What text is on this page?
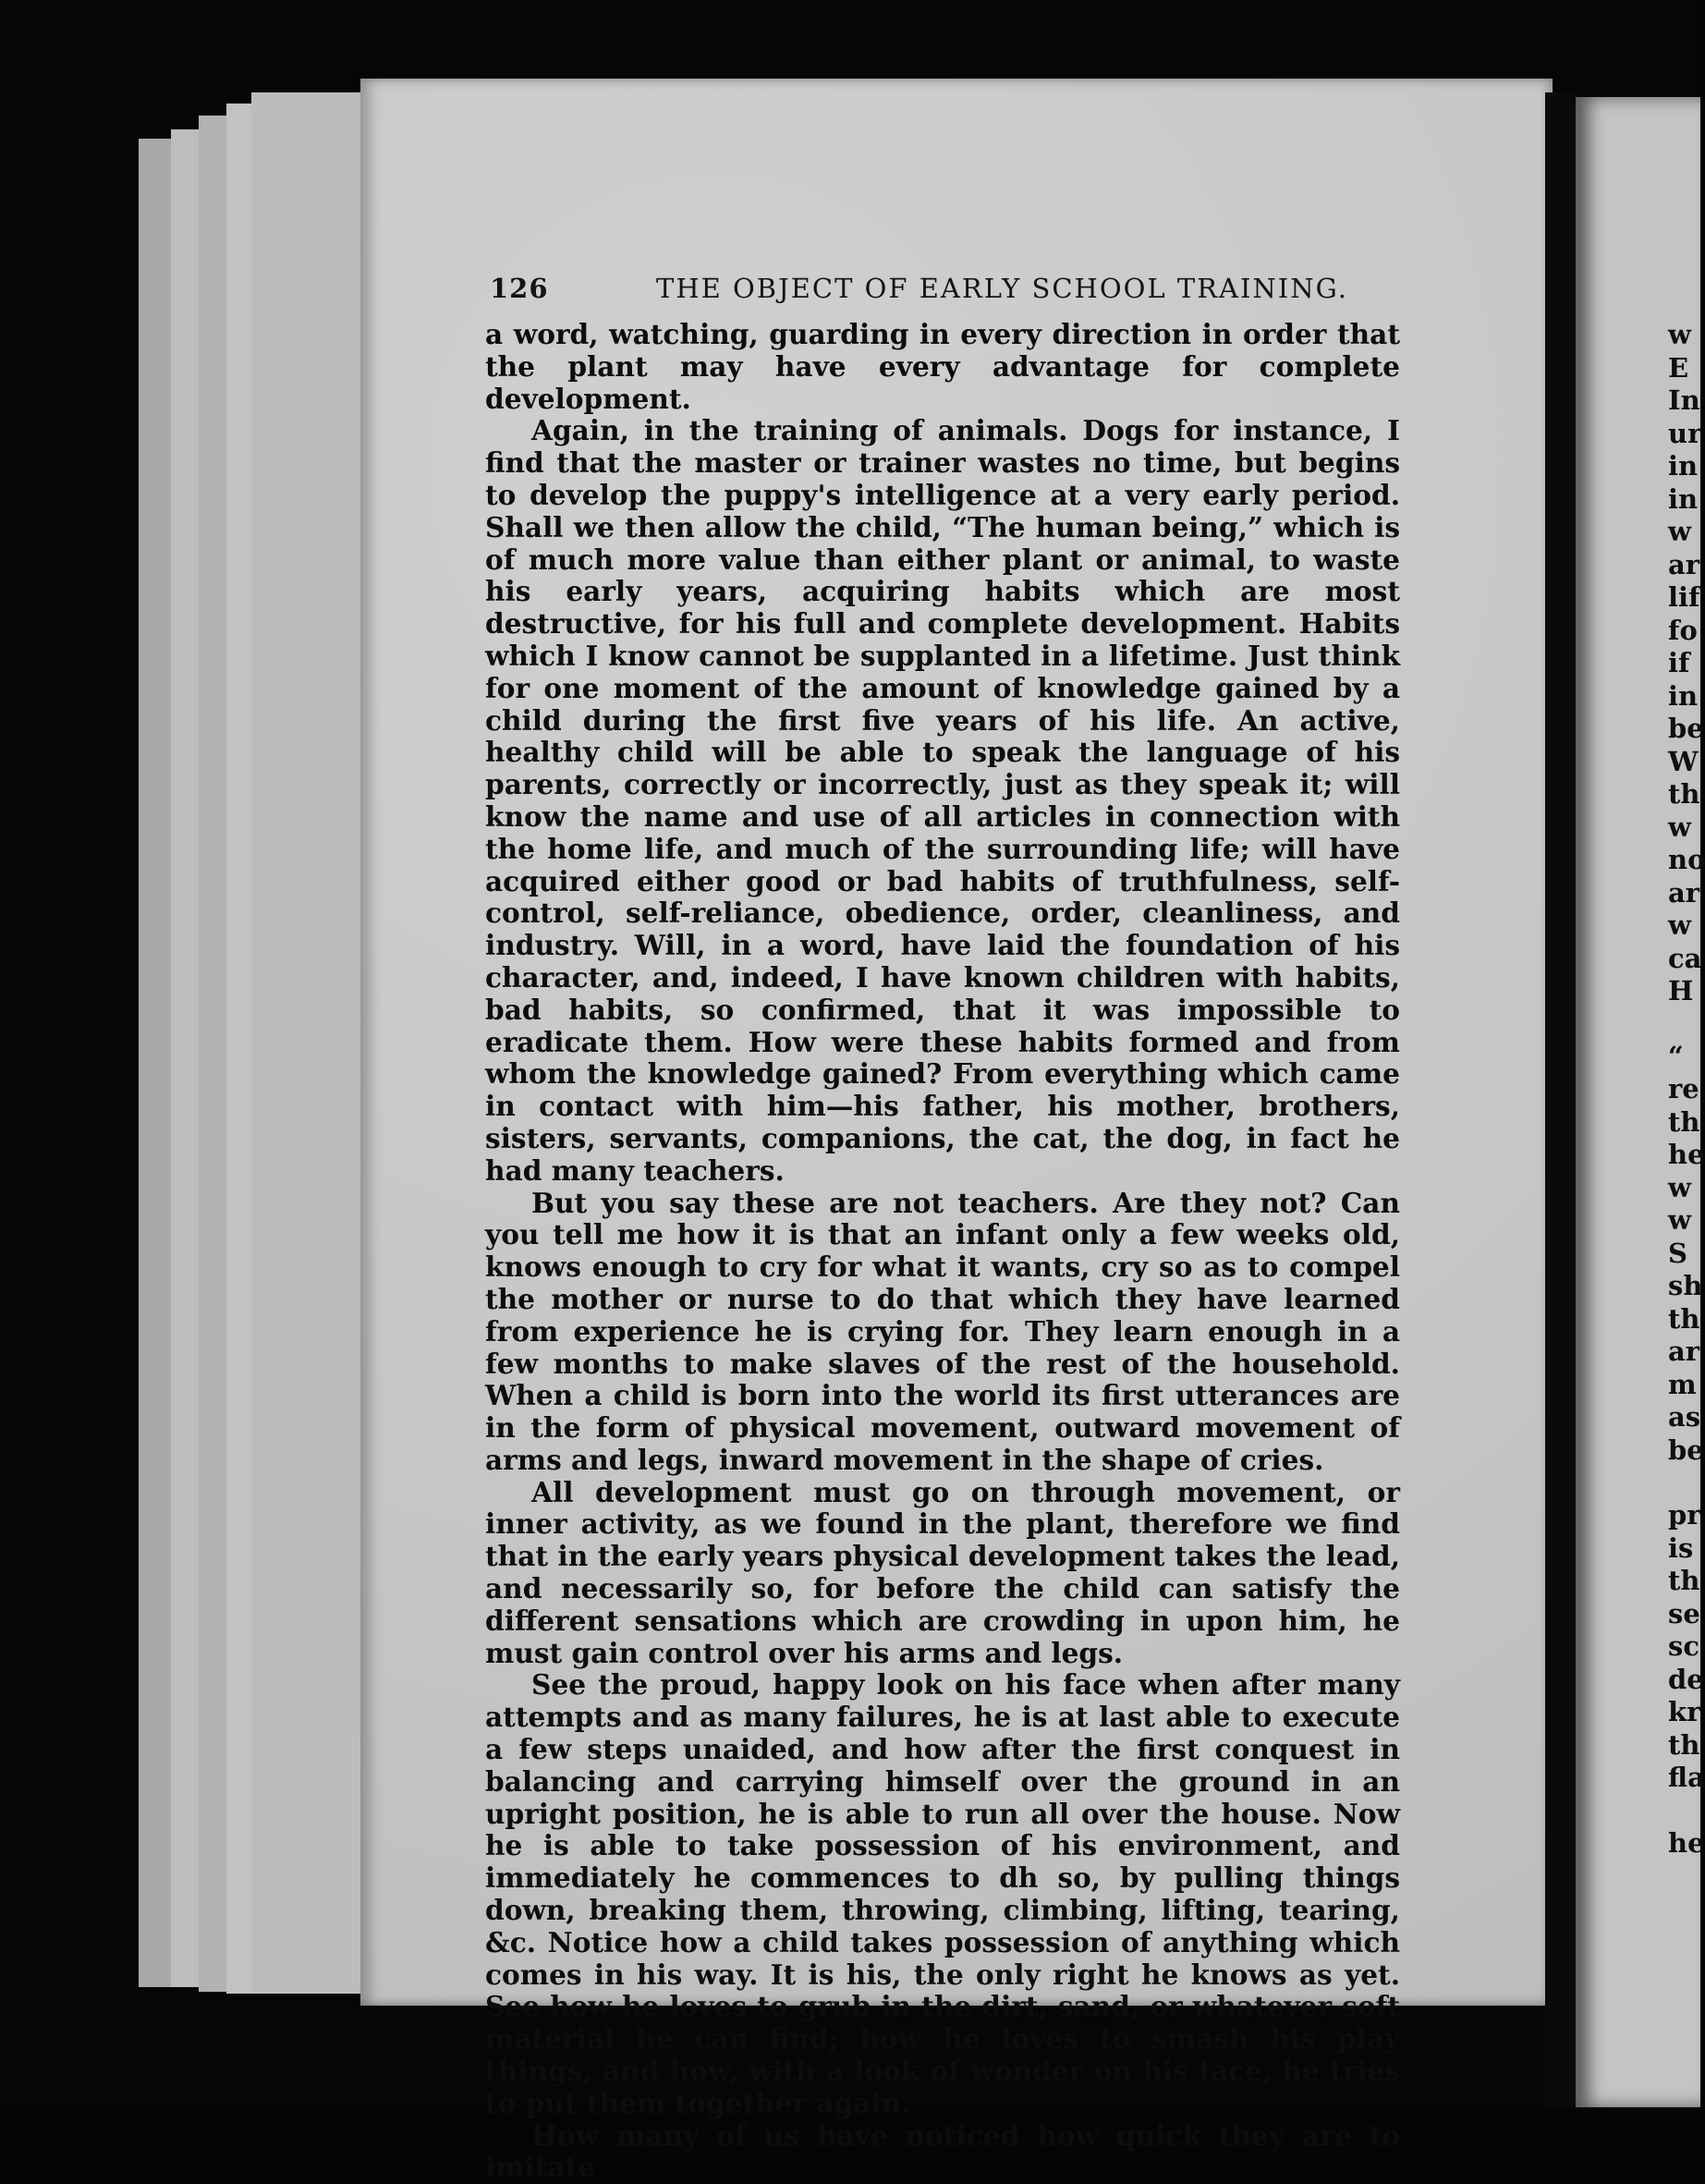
126	THE OBJECT OF EARLY SCHOOL TRAINING.

a word, watching, guarding in every direction in order that the plant may have every advantage for complete development.

Again, in the training of animals. Dogs for instance, I find that the master or trainer wastes no time, but begins to develop the puppy's intelligence at a very early period. Shall we then allow the child, “The human being,” which is of much more value than either plant or animal, to waste his early years, acquiring habits which are most destructive, for his full and complete development. Habits which I know cannot be supplanted in a lifetime. Just think for one moment of the amount of knowledge gained by a child during the first five years of his life. An active, healthy child will be able to speak the language of his parents, correctly or incorrectly, just as they speak it; will know the name and use of all articles in connection with the home life, and much of the surrounding life; will have acquired either good or bad habits of truthfulness, self-control, self-reliance, obedience, order, cleanliness, and industry. Will, in a word, have laid the foundation of his character, and, indeed, I have known children with habits, bad habits, so confirmed, that it was impossible to eradicate them. How were these habits formed and from whom the knowledge gained? From everything which came in contact with him—his father, his mother, brothers, sisters, servants, companions, the cat, the dog, in fact he had many teachers.

But you say these are not teachers. Are they not? Can you tell me how it is that an infant only a few weeks old, knows enough to cry for what it wants, cry so as to compel the mother or nurse to do that which they have learned from experience he is crying for. They learn enough in a few months to make slaves of the rest of the household. When a child is born into the world its first utterances are in the form of physical movement, outward movement of arms and legs, inward movement in the shape of cries.

All development must go on through movement, or inner activity, as we found in the plant, therefore we find that in the early years physical development takes the lead, and necessarily so, for before the child can satisfy the different sensations which are crowding in upon him, he must gain control over his arms and legs.

See the proud, happy look on his face when after many attempts and as many failures, he is at last able to execute a few steps unaided, and how after the first conquest in balancing and carrying himself over the ground in an upright position, he is able to run all over the house. Now he is able to take possession of his environment, and immediately he commences to dh so, by pulling things down, breaking them, throwing, climbing, lifting, tearing, &c. Notice how a child takes possession of anything which comes in his way. It is his, the only right he knows as yet. See how he loves to grub in the dirt, sand, or whatever soft material he can find; how he loves to smash his play things, and how, with a look of wonder on his face, he tries to put them together again.

How many of us have noticed how quick they are to imitate

w
E
In
ur
in
in
w
ar
lif
fo
if
in
be
W
th
w
no
ar
w
ca
H
“
re
th
he
w
w
S
sh
th
ar
m
as
be
pr
is
th
se
sc
de
kr
th
fla
he
